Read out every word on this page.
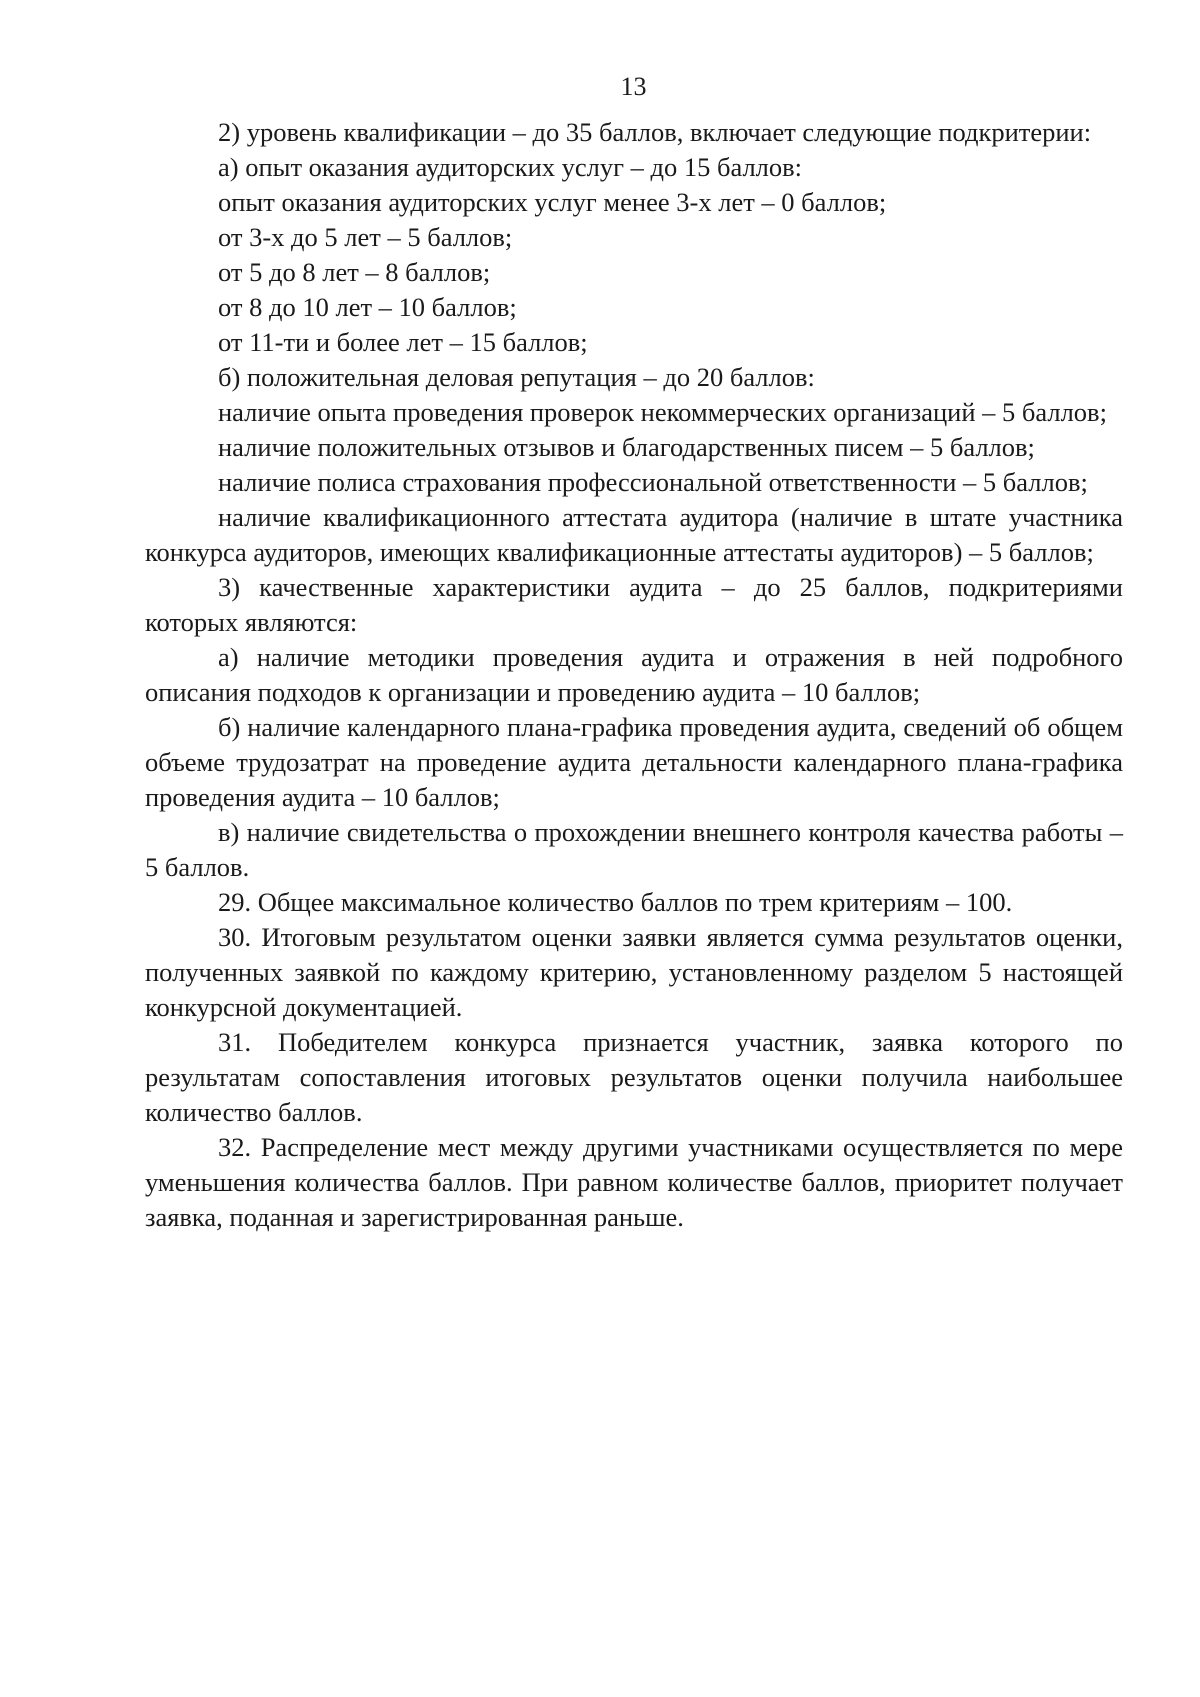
13

2) уровень квалификации – до 35 баллов, включает следующие подкритерии:

а) опыт оказания аудиторских услуг – до 15 баллов:

опыт оказания аудиторских услуг менее 3-х лет – 0 баллов;

от 3-х до 5 лет – 5 баллов;

от 5 до 8 лет – 8 баллов;

от 8 до 10 лет – 10 баллов;

от 11-ти и более лет – 15 баллов;

б) положительная деловая репутация – до 20 баллов:

наличие опыта проведения проверок некоммерческих организаций – 5 баллов;

наличие положительных отзывов и благодарственных писем – 5 баллов;

наличие полиса страхования профессиональной ответственности – 5 баллов;

наличие квалификационного аттестата аудитора (наличие в штате участника конкурса аудиторов, имеющих квалификационные аттестаты аудиторов) – 5 баллов;

3) качественные характеристики аудита – до 25 баллов, подкритериями которых являются:

а) наличие методики проведения аудита и отражения в ней подробного описания подходов к организации и проведению аудита – 10 баллов;

б) наличие календарного плана-графика проведения аудита, сведений об общем объеме трудозатрат на проведение аудита детальности календарного плана-графика проведения аудита – 10 баллов;

в) наличие свидетельства о прохождении внешнего контроля качества работы – 5 баллов.

29. Общее максимальное количество баллов по трем критериям – 100.

30. Итоговым результатом оценки заявки является сумма результатов оценки, полученных заявкой по каждому критерию, установленному разделом 5 настоящей конкурсной документацией.

31. Победителем конкурса признается участник, заявка которого по результатам сопоставления итоговых результатов оценки получила наибольшее количество баллов.

32. Распределение мест между другими участниками осуществляется по мере уменьшения количества баллов. При равном количестве баллов, приоритет получает заявка, поданная и зарегистрированная раньше.
